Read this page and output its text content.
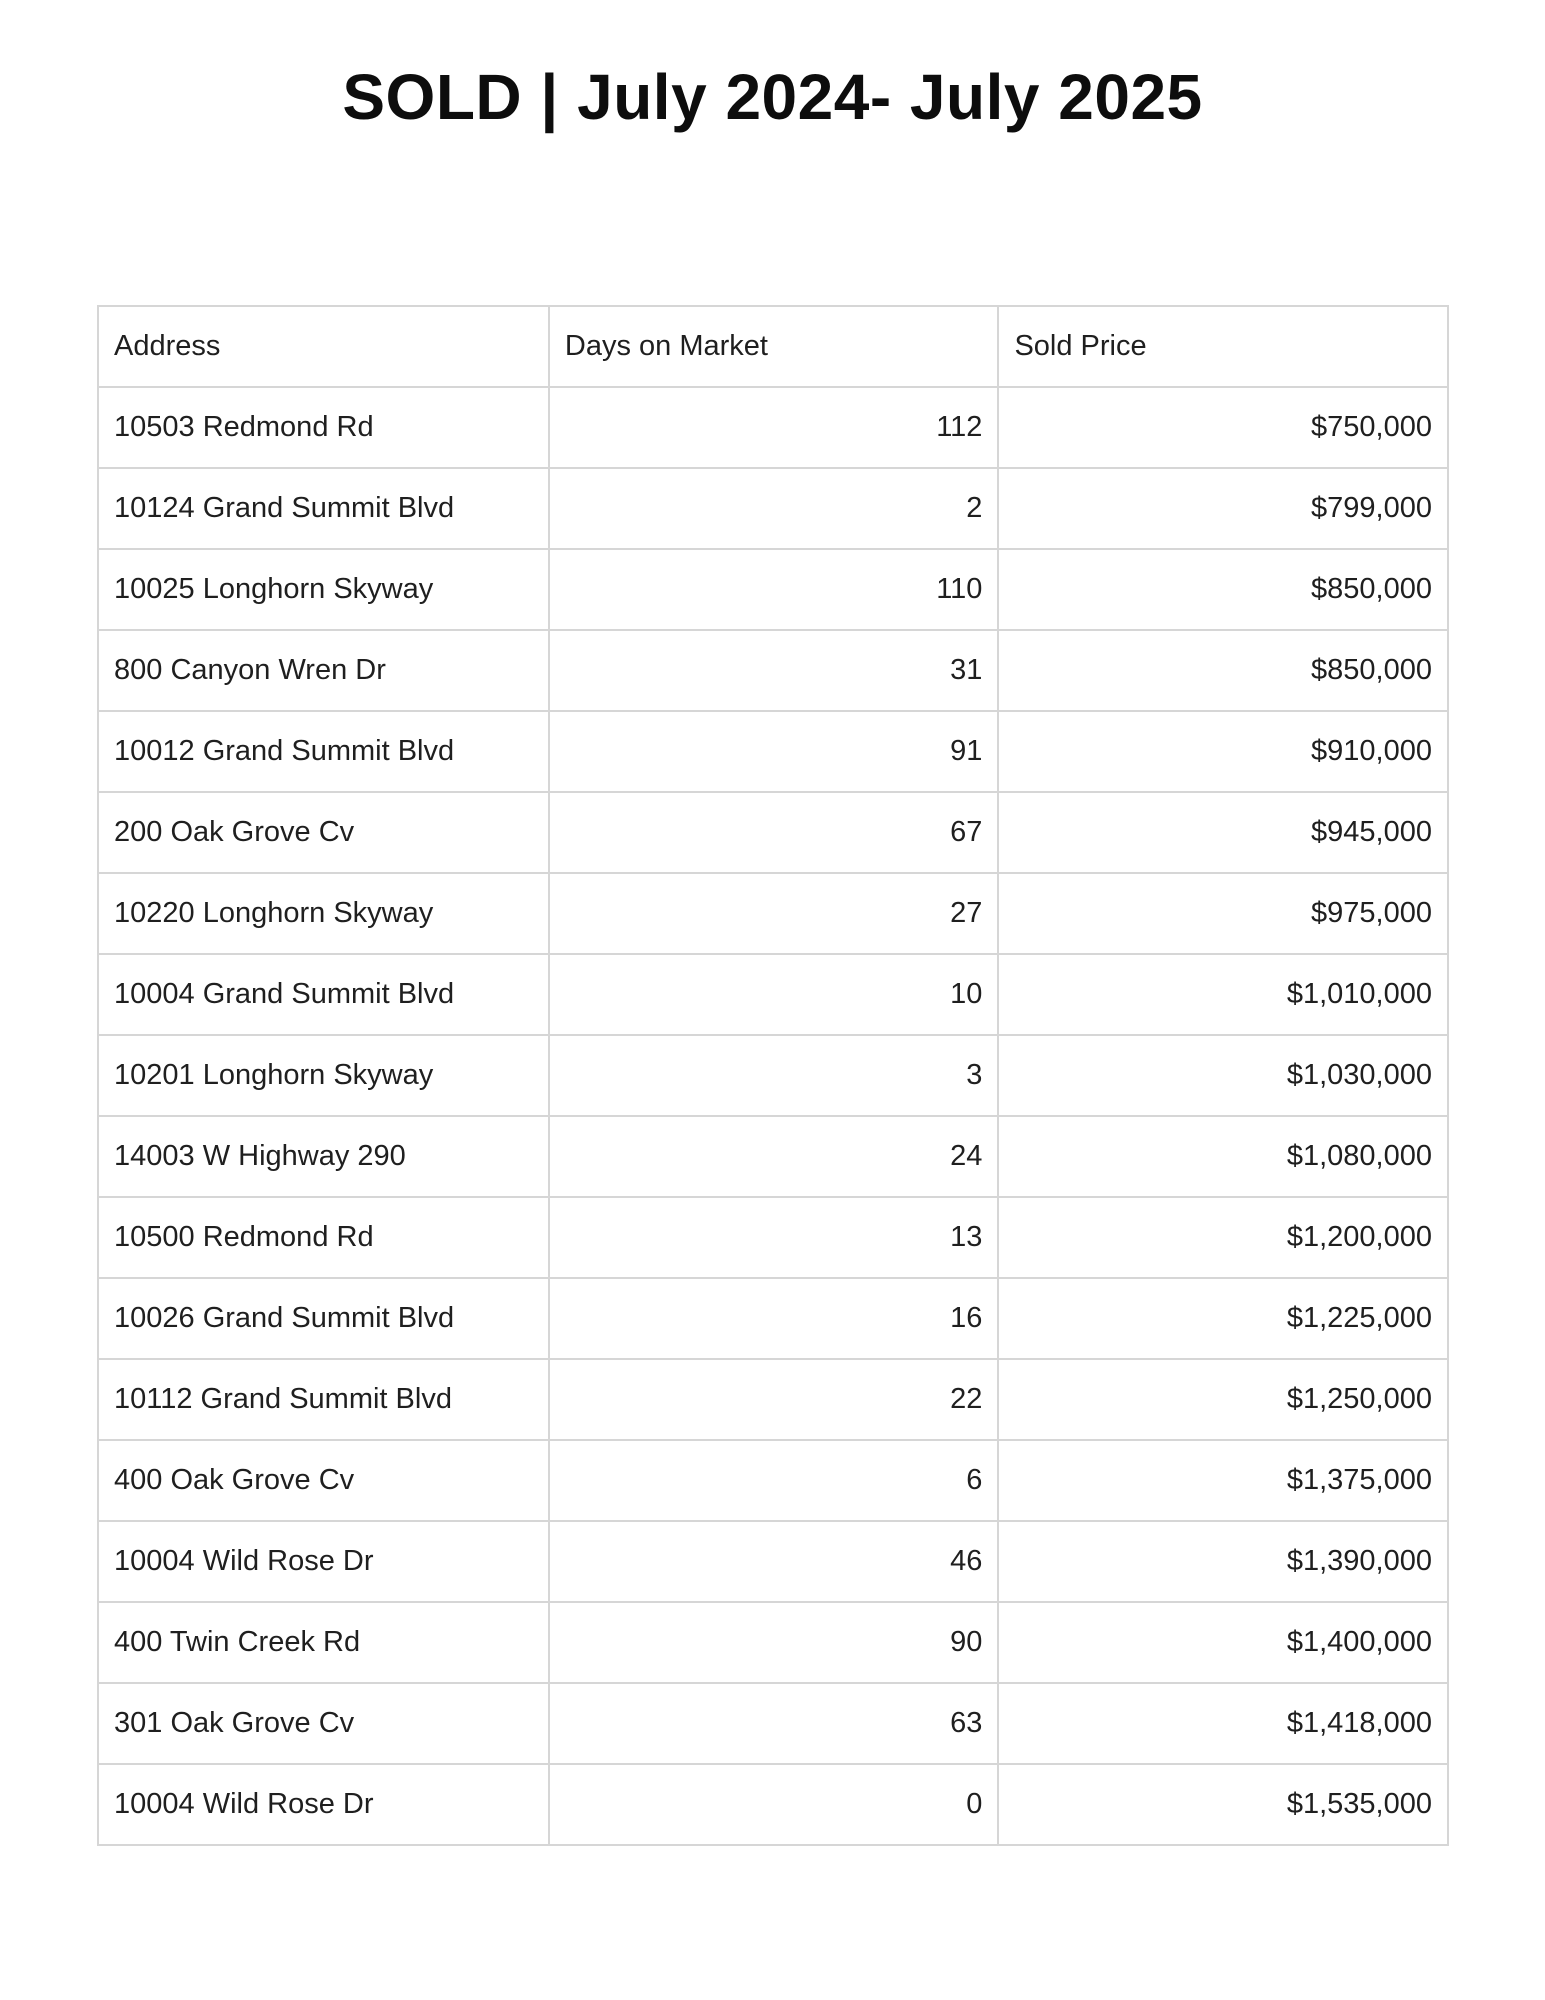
SOLD | July 2024- July 2025
Address	Days on Market	Sold Price
10503 Redmond Rd	112	$750,000
10124 Grand Summit Blvd	2	$799,000
10025 Longhorn Skyway	110	$850,000
800 Canyon Wren Dr	31	$850,000
10012 Grand Summit Blvd	91	$910,000
200 Oak Grove Cv	67	$945,000
10220 Longhorn Skyway	27	$975,000
10004 Grand Summit Blvd	10	$1,010,000
10201 Longhorn Skyway	3	$1,030,000
14003 W Highway 290	24	$1,080,000
10500 Redmond Rd	13	$1,200,000
10026 Grand Summit Blvd	16	$1,225,000
10112 Grand Summit Blvd	22	$1,250,000
400 Oak Grove Cv	6	$1,375,000
10004 Wild Rose Dr	46	$1,390,000
400 Twin Creek Rd	90	$1,400,000
301 Oak Grove Cv	63	$1,418,000
10004 Wild Rose Dr	0	$1,535,000
